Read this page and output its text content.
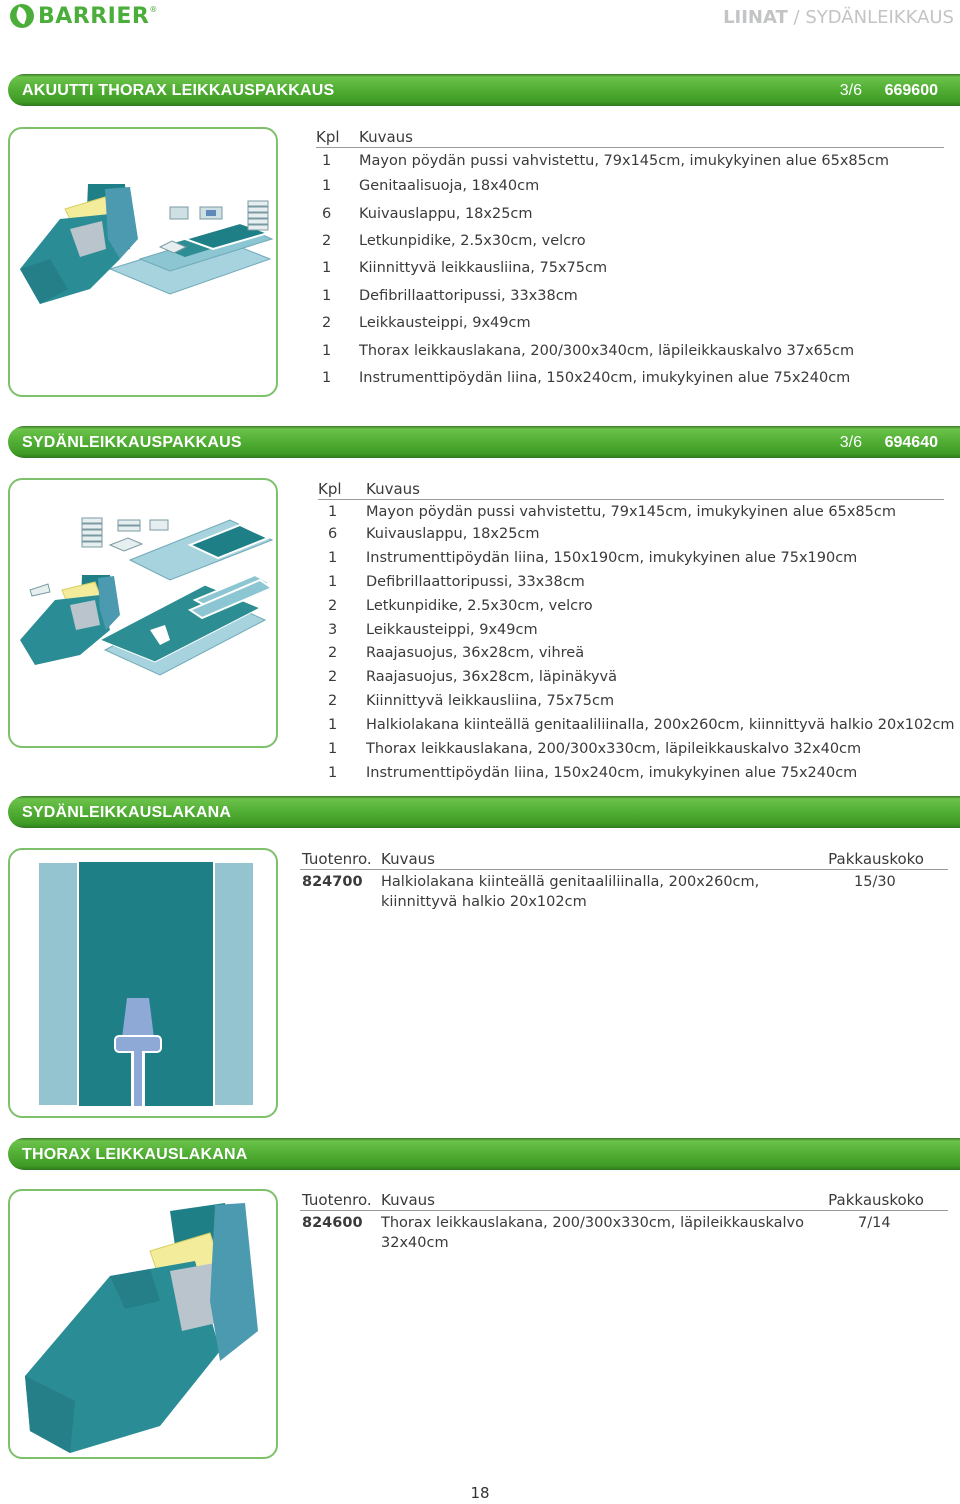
BARRIER ®	LIINAT / SYDÄNLEIKKAUS
AKUUTTI THORAX LEIKKAUSPAKKAUS	3/6 669600
Kpl Kuvaus
1 Mayon pöydän pussi vahvistettu, 79x145cm, imukykyinen alue 65x85cm
1 Genitaalisuoja, 18x40cm
6 Kuivauslappu, 18x25cm
2 Letkunpidike, 2.5x30cm, velcro
1 Kiinnittyvä leikkausliina, 75x75cm
1 Defibrillaattoripussi, 33x38cm
2 Leikkausteippi, 9x49cm
1 Thorax leikkauslakana, 200/300x340cm, läpileikkauskalvo 37x65cm
1 Instrumenttipöydän liina, 150x240cm, imukykyinen alue 75x240cm
SYDÄNLEIKKAUSPAKKAUS	3/6 694640
Kpl Kuvaus
1 Mayon pöydän pussi vahvistettu, 79x145cm, imukykyinen alue 65x85cm
6 Kuivauslappu, 18x25cm
1 Instrumenttipöydän liina, 150x190cm, imukykyinen alue 75x190cm
1 Defibrillaattoripussi, 33x38cm
2 Letkunpidike, 2.5x30cm, velcro
3 Leikkausteippi, 9x49cm
2 Raajasuojus, 36x28cm, vihreä
2 Raajasuojus, 36x28cm, läpinäkyvä
2 Kiinnittyvä leikkausliina, 75x75cm
1 Halkiolakana kiinteällä genitaaliliinalla, 200x260cm, kiinnittyvä halkio 20x102cm
1 Thorax leikkauslakana, 200/300x330cm, läpileikkauskalvo 32x40cm
1 Instrumenttipöydän liina, 150x240cm, imukykyinen alue 75x240cm
SYDÄNLEIKKAUSLAKANA
Tuotenro. Kuvaus	Pakkauskoko
824700 Halkiolakana kiinteällä genitaaliliinalla, 200x260cm,
kiinnittyvä halkio 20x102cm
15/30
THORAX LEIKKAUSLAKANA
Tuotenro. Kuvaus	Pakkauskoko
824600 Thorax leikkauslakana, 200/300x330cm, läpileikkauskalvo
32x40cm
7/14
18
